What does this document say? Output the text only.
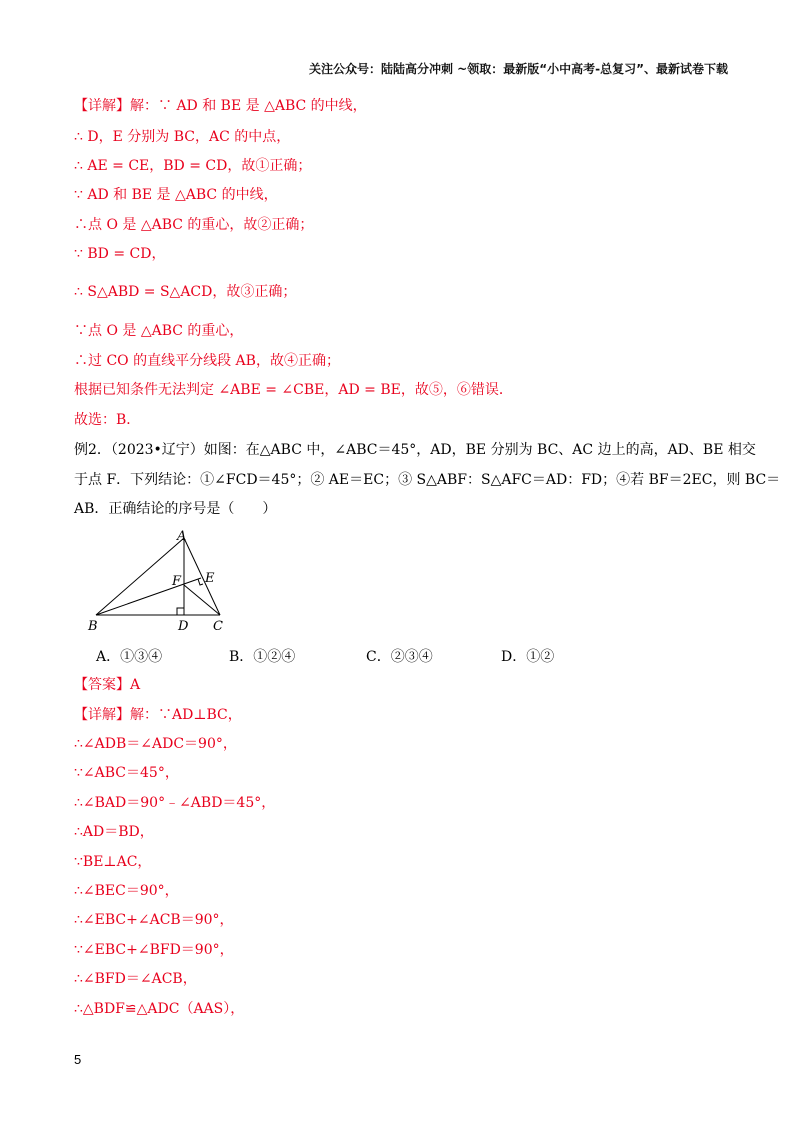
关注公众号：陆陆高分冲刺 ~领取：最新版“小中高考-总复习”、最新试卷下载
【详解】解：∵ AD 和 BE 是 △ABC 的中线，
∴ D，E 分别为 BC，AC 的中点，
∴ AE = CE，BD = CD，故①正确；
∵ AD 和 BE 是 △ABC 的中线，
∴点 O 是 △ABC 的重心，故②正确；
∵ BD = CD，
∴ S△ABD = S△ACD，故③正确；
∵点 O 是 △ABC 的重心，
∴过 CO 的直线平分线段 AB，故④正确；
根据已知条件无法判定 ∠ABE = ∠CBE，AD = BE，故⑤，⑥错误．
故选：B．
例2．（2023•辽宁）如图：在△ABC 中，∠ABC＝45°，AD，BE 分别为 BC、AC 边上的高，AD、BE 相交
于点 F．下列结论：①∠FCD＝45°；② AE＝EC；③ S△ABF：S△AFC＝AD：FD；④若 BF＝2EC，则 BC＝
AB．正确结论的序号是（　　）
A
B	C
D
E
F
A．①③④	B．①②④	C．②③④	D．①②
【答案】A
【详解】解：∵AD⊥BC，
∴∠ADB＝∠ADC＝90°，
∵∠ABC＝45°，
∴∠BAD＝90°﹣∠ABD＝45°，
∴AD＝BD，
∵BE⊥AC，
∴∠BEC＝90°，
∴∠EBC+∠ACB＝90°，
∵∠EBC+∠BFD＝90°，
∴∠BFD＝∠ACB，
∴△BDF≌△ADC（AAS），
5
